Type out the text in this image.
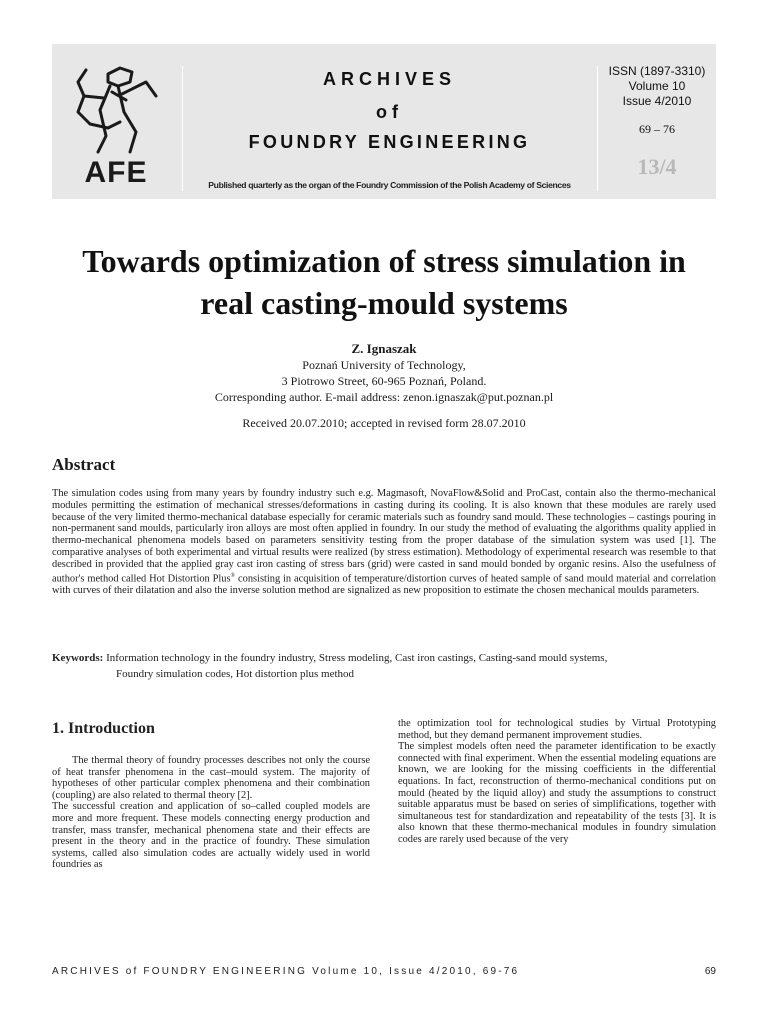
AFE
ARCHIVES
of
FOUNDRY ENGINEERING
Published quarterly as the organ of the Foundry Commission of the Polish Academy of Sciences
ISSN (1897-3310)
Volume 10
Issue 4/2010
69 – 76
13/4
Towards optimization of stress simulation in
real casting-mould systems
Z. Ignaszak
Poznań University of Technology,
3 Piotrowo Street, 60-965 Poznań, Poland.
Corresponding author. E-mail address: zenon.ignaszak@put.poznan.pl
Received 20.07.2010; accepted in revised form 28.07.2010
Abstract
The simulation codes using from many years by foundry industry such e.g. Magmasoft, NovaFlow&Solid and ProCast, contain also the thermo-mechanical modules permitting the estimation of mechanical stresses/deformations in casting during its cooling. It is also known that these modules are rarely used because of the very limited thermo-mechanical database especially for ceramic materials such as foundry sand mould. These technologies – castings pouring in non-permanent sand moulds, particularly iron alloys are most often applied in foundry. In our study the method of evaluating the algorithms quality applied in thermo-mechanical phenomena models based on parameters sensitivity testing from the proper database of the simulation system was used [1]. The comparative analyses of both experimental and virtual results were realized (by stress estimation). Methodology of experimental research was resemble to that described in provided that the applied gray cast iron casting of stress bars (grid) were casted in sand mould bonded by organic resins. Also the usefulness of author's method called Hot Distortion Plus® consisting in acquisition of temperature/distortion curves of heated sample of sand mould material and correlation with curves of their dilatation and also the inverse solution method are signalized as new proposition to estimate the chosen mechanical moulds parameters.
Keywords: Information technology in the foundry industry, Stress modeling, Cast iron castings, Casting-sand mould systems,
Foundry simulation codes, Hot distortion plus method
1. Introduction

The thermal theory of foundry processes describes not only the course of heat transfer phenomena in the cast–mould system. The majority of hypotheses of other particular complex phenomena and their combination (coupling) are also related to thermal theory [2].

The successful creation and application of so–called coupled models are more and more frequent. These models connecting energy production and transfer, mass transfer, mechanical phenomena state and their effects are present in the theory and in the practice of foundry. These simulation systems, called also simulation codes are actually widely used in world foundries as

the optimization tool for technological studies by Virtual Prototyping method, but they demand permanent improvement studies.

The simplest models often need the parameter identification to be exactly connected with final experiment. When the essential modeling equations are known, we are looking for the missing coefficients in the differential equations. In fact, reconstruction of thermo-mechanical conditions put on mould (heated by the liquid alloy) and study the assumptions to construct suitable apparatus must be based on series of simplifications, together with simultaneous test for standardization and repeatability of the tests [3]. It is also known that these thermo-mechanical modules in foundry simulation codes are rarely used because of the very

ARCHIVES of FOUNDRY ENGINEERING Volume 10, Issue 4/2010, 69-76	69
